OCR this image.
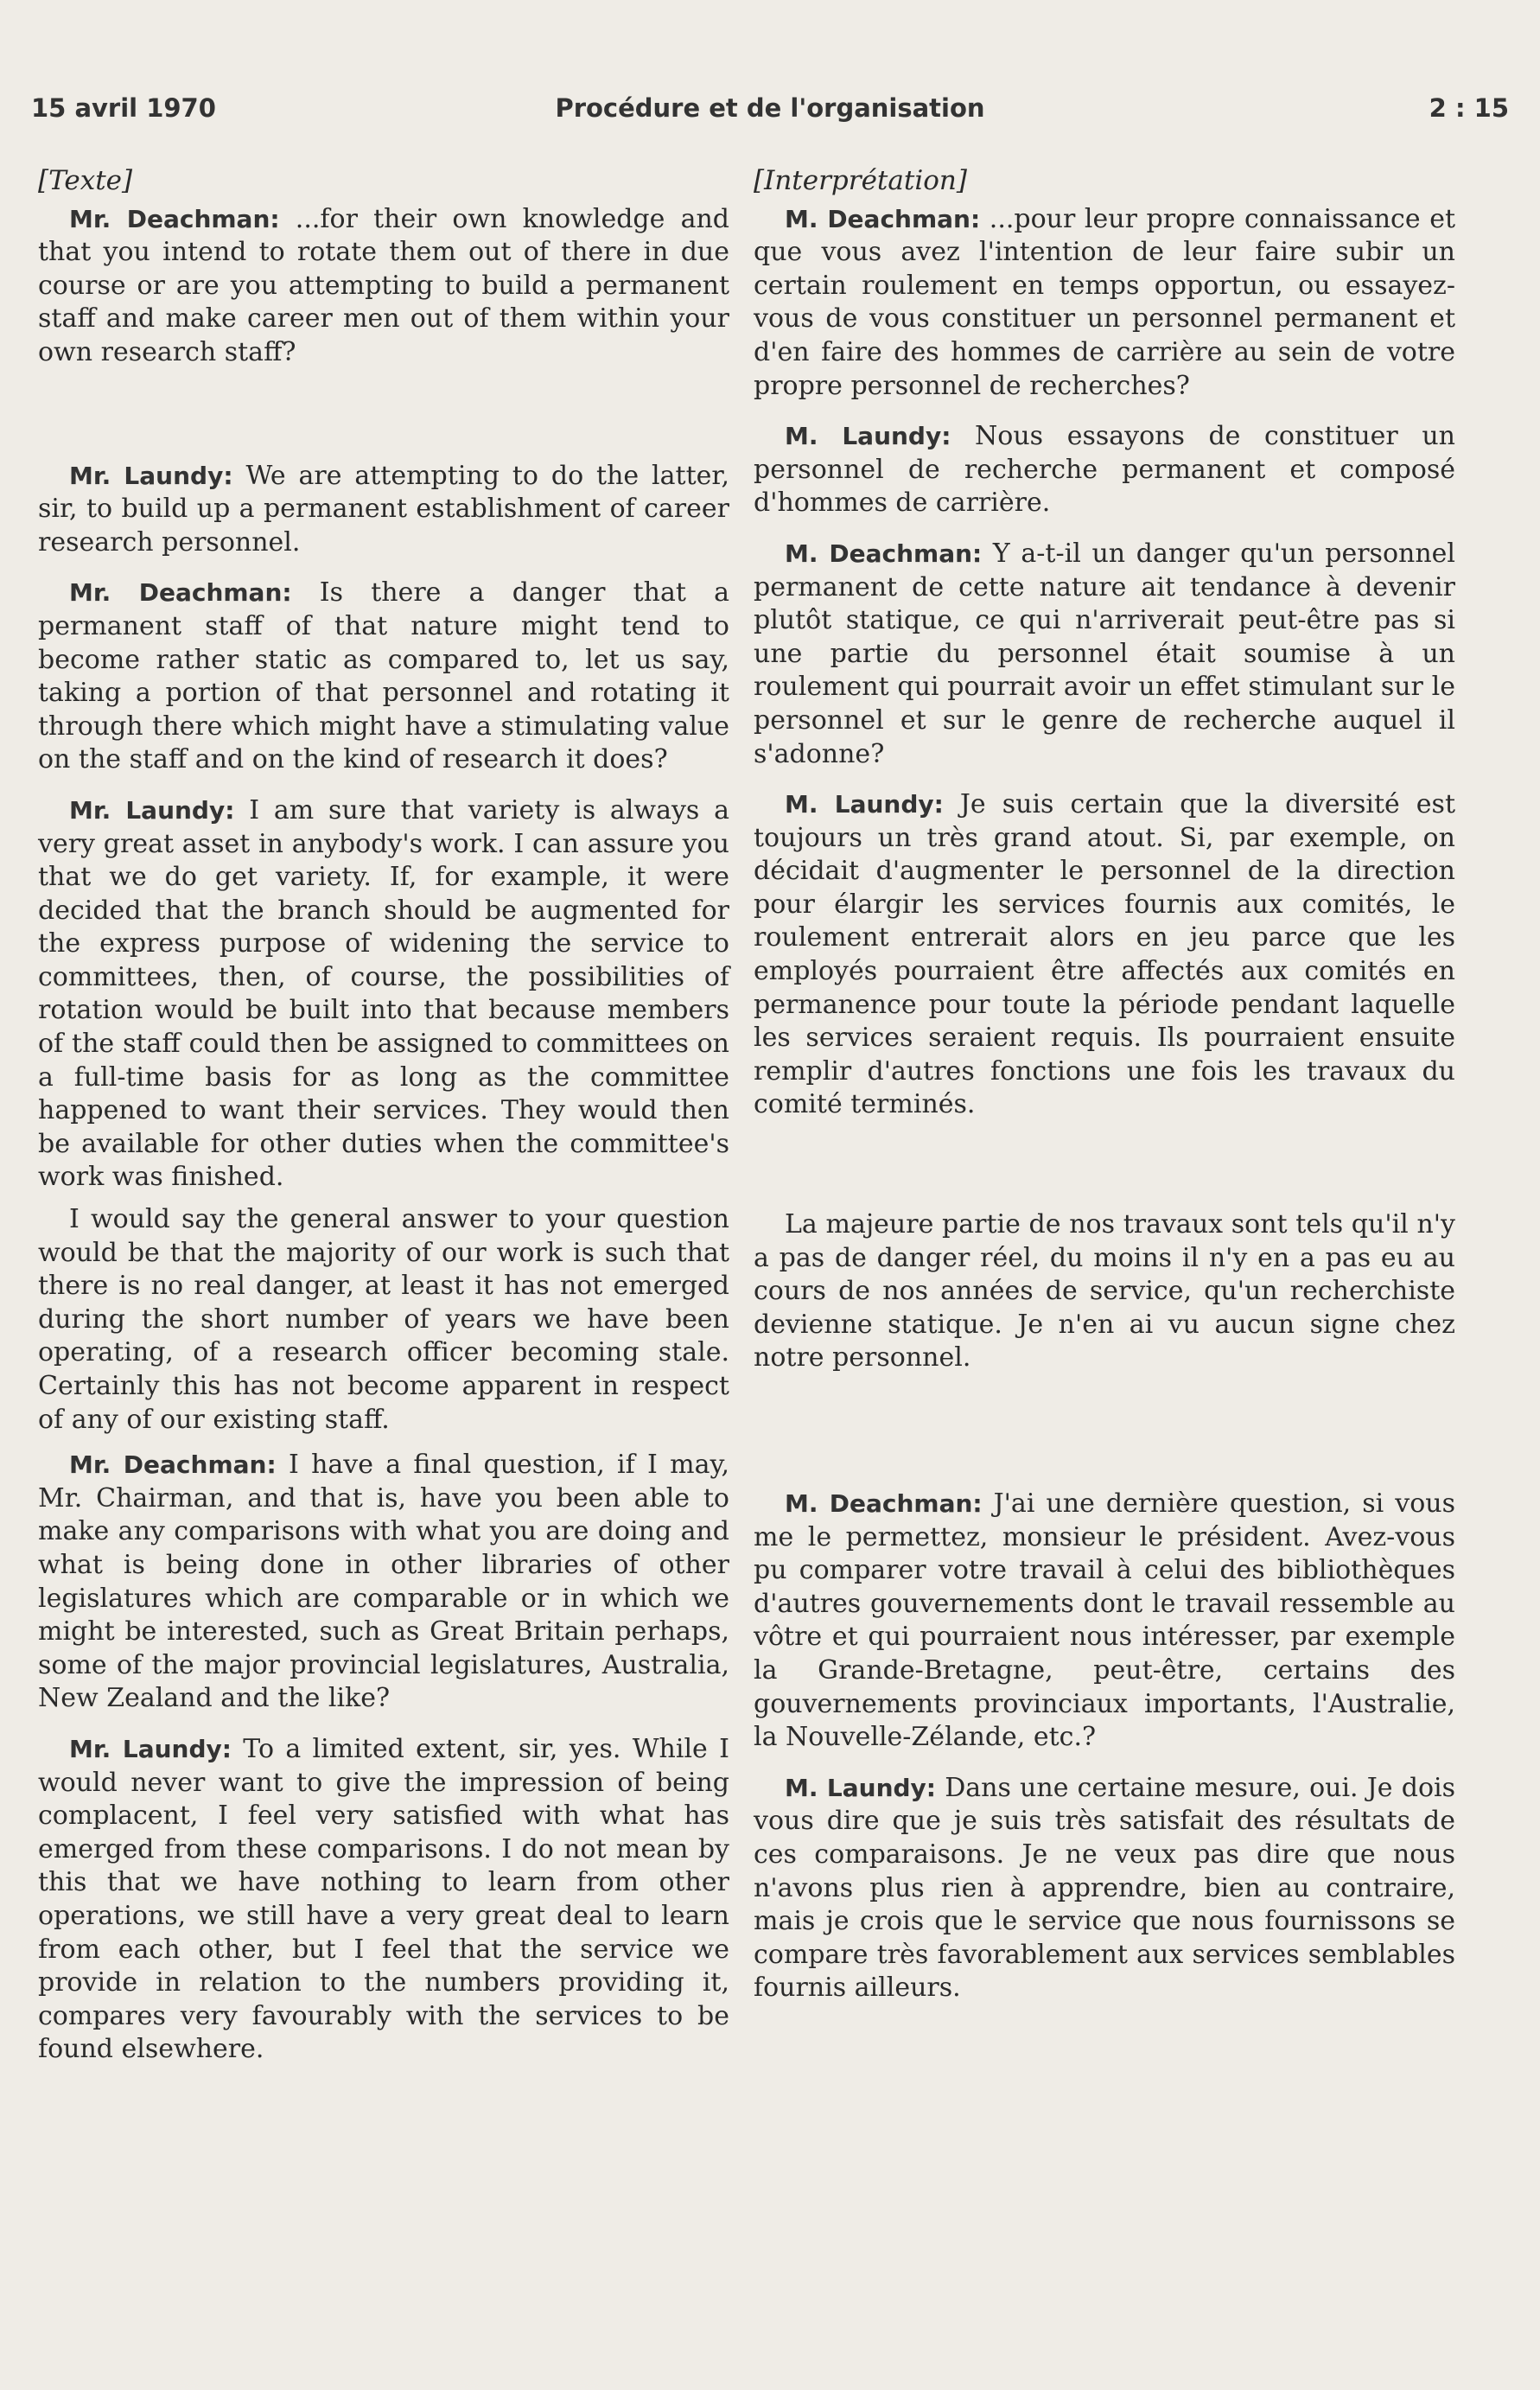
15 avril 1970	Procédure et de l'organisation	2 : 15
[Texte]
Mr. Deachman: ...for their own knowledge and that you intend to rotate them out of there in due course or are you attempting to build a permanent staff and make career men out of them within your own research staff?
Mr. Laundy: We are attempting to do the latter, sir, to build up a permanent establishment of career research personnel.
Mr. Deachman: Is there a danger that a permanent staff of that nature might tend to become rather static as compared to, let us say, taking a portion of that personnel and rotating it through there which might have a stimulating value on the staff and on the kind of research it does?
Mr. Laundy: I am sure that variety is always a very great asset in anybody's work. I can assure you that we do get variety. If, for example, it were decided that the branch should be augmented for the express purpose of widening the service to committees, then, of course, the possibilities of rotation would be built into that because members of the staff could then be assigned to committees on a full-time basis for as long as the committee happened to want their services. They would then be available for other duties when the committee's work was finished.
I would say the general answer to your question would be that the majority of our work is such that there is no real danger, at least it has not emerged during the short number of years we have been operating, of a research officer becoming stale. Certainly this has not become apparent in respect of any of our existing staff.
Mr. Deachman: I have a final question, if I may, Mr. Chairman, and that is, have you been able to make any comparisons with what you are doing and what is being done in other libraries of other legislatures which are comparable or in which we might be interested, such as Great Britain perhaps, some of the major provincial legislatures, Australia, New Zealand and the like?
Mr. Laundy: To a limited extent, sir, yes. While I would never want to give the impression of being complacent, I feel very satisfied with what has emerged from these comparisons. I do not mean by this that we have nothing to learn from other operations, we still have a very great deal to learn from each other, but I feel that the service we provide in relation to the numbers providing it, compares very favourably with the services to be found elsewhere.
[Interprétation]
M. Deachman: ...pour leur propre connaissance et que vous avez l'intention de leur faire subir un certain roulement en temps opportun, ou essayez-vous de vous constituer un personnel permanent et d'en faire des hommes de carrière au sein de votre propre personnel de recherches?
M. Laundy: Nous essayons de constituer un personnel de recherche permanent et composé d'hommes de carrière.
M. Deachman: Y a-t-il un danger qu'un personnel permanent de cette nature ait tendance à devenir plutôt statique, ce qui n'arriverait peut-être pas si une partie du personnel était soumise à un roulement qui pourrait avoir un effet stimulant sur le personnel et sur le genre de recherche auquel il s'adonne?
M. Laundy: Je suis certain que la diversité est toujours un très grand atout. Si, par exemple, on décidait d'augmenter le personnel de la direction pour élargir les services fournis aux comités, le roulement entrerait alors en jeu parce que les employés pourraient être affectés aux comités en permanence pour toute la période pendant laquelle les services seraient requis. Ils pourraient ensuite remplir d'autres fonctions une fois les travaux du comité terminés.
La majeure partie de nos travaux sont tels qu'il n'y a pas de danger réel, du moins il n'y en a pas eu au cours de nos années de service, qu'un recherchiste devienne statique. Je n'en ai vu aucun signe chez notre personnel.
M. Deachman: J'ai une dernière question, si vous me le permettez, monsieur le président. Avez-vous pu comparer votre travail à celui des bibliothèques d'autres gouvernements dont le travail ressemble au vôtre et qui pourraient nous intéresser, par exemple la Grande-Bretagne, peut-être, certains des gouvernements provinciaux importants, l'Australie, la Nouvelle-Zélande, etc.?
M. Laundy: Dans une certaine mesure, oui. Je dois vous dire que je suis très satisfait des résultats de ces comparaisons. Je ne veux pas dire que nous n'avons plus rien à apprendre, bien au contraire, mais je crois que le service que nous fournissons se compare très favorablement aux services semblables fournis ailleurs.
